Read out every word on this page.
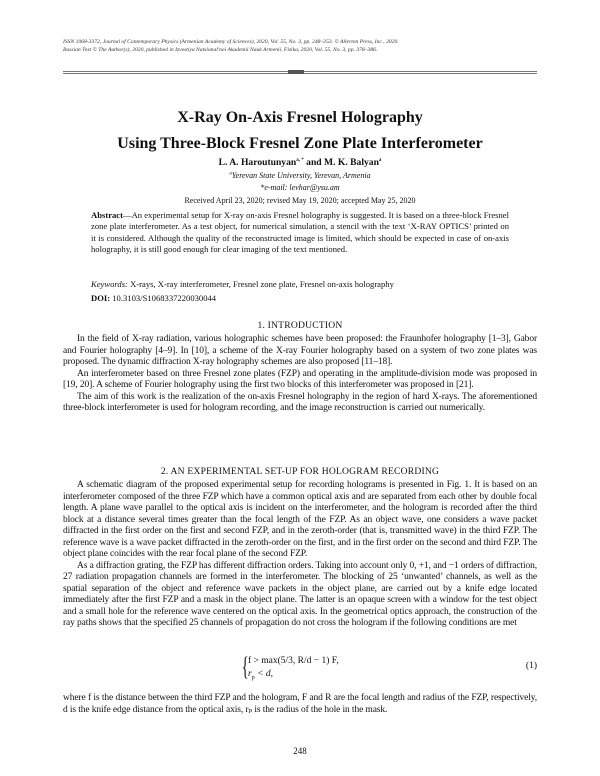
ISSN 1068-3372, Journal of Contemporary Physics (Armenian Academy of Sciences), 2020, Vol. 55, No. 3, pp. 248–253. © Allerton Press, Inc., 2020.
Russian Text © The Author(s), 2020, published in Izvestiya Natsional'noi Akademii Nauk Armenii, Fizika, 2020, Vol. 55, No. 3, pp. 378–386.
X-Ray On-Axis Fresnel Holography
Using Three-Block Fresnel Zone Plate Interferometer
L. A. Haroutunyan$^{a, *}$ and M. K. Balyan$^a$
$^a$Yerevan State University, Yerevan, Armenia
*e-mail: levhar@ysu.am
Received April 23, 2020; revised May 19, 2020; accepted May 25, 2020
Abstract—An experimental setup for X-ray on-axis Fresnel holography is suggested. It is based on a three-block Fresnel zone plate interferometer. As a test object, for numerical simulation, a stencil with the text ‘X-RAY OPTICS’ printed on it is considered. Although the quality of the reconstructed image is limited, which should be expected in case of on-axis holography, it is still good enough for clear imaging of the text mentioned.
Keywords: X-rays, X-ray interferometer, Fresnel zone plate, Fresnel on-axis holography
DOI: 10.3103/S1068337220030044
1. INTRODUCTION

In the field of X-ray radiation, various holographic schemes have been proposed: the Fraunhofer holography [1–3], Gabor and Fourier holography [4–9]. In [10], a scheme of the X-ray Fourier holography based on a system of two zone plates was proposed. The dynamic diffraction X-ray holography schemes are also proposed [11–18].

An interferometer based on three Fresnel zone plates (FZP) and operating in the amplitude-division mode was proposed in [19, 20]. A scheme of Fourier holography using the first two blocks of this interferometer was proposed in [21].

The aim of this work is the realization of the on-axis Fresnel holography in the region of hard X-rays. The aforementioned three-block interferometer is used for hologram recording, and the image reconstruction is carried out numerically.

2. AN EXPERIMENTAL SET-UP FOR HOLOGRAM RECORDING

A schematic diagram of the proposed experimental setup for recording holograms is presented in Fig. 1. It is based on an interferometer composed of the three FZP which have a common optical axis and are separated from each other by double focal length. A plane wave parallel to the optical axis is incident on the interferometer, and the hologram is recorded after the third block at a distance several times greater than the focal length of the FZP. As an object wave, one considers a wave packet diffracted in the first order on the first and second FZP, and in the zeroth-order (that is, transmitted wave) in the third FZP. The reference wave is a wave packet diffracted in the zeroth-order on the first, and in the first order on the second and third FZP. The object plane coincides with the rear focal plane of the second FZP.

As a diffraction grating, the FZP has different diffraction orders. Taking into account only 0, +1, and −1 orders of diffraction, 27 radiation propagation channels are formed in the interferometer. The blocking of 25 ‘unwanted’ channels, as well as the spatial separation of the object and reference wave packets in the object plane, are carried out by a knife edge located immediately after the first FZP and a mask in the object plane. The latter is an opaque screen with a window for the test object and a small hole for the reference wave centered on the optical axis. In the geometrical optics approach, the construction of the ray paths shows that the specified 25 channels of propagation do not cross the hologram if the following conditions are met

{ f > max(5/3, R/d − 1) F,
$r_p < d$,
(1)
where f is the distance between the third FZP and the hologram, F and R are the focal length and radius of the FZP, respectively, d is the knife edge distance from the optical axis, rₚ is the radius of the hole in the mask.
248
